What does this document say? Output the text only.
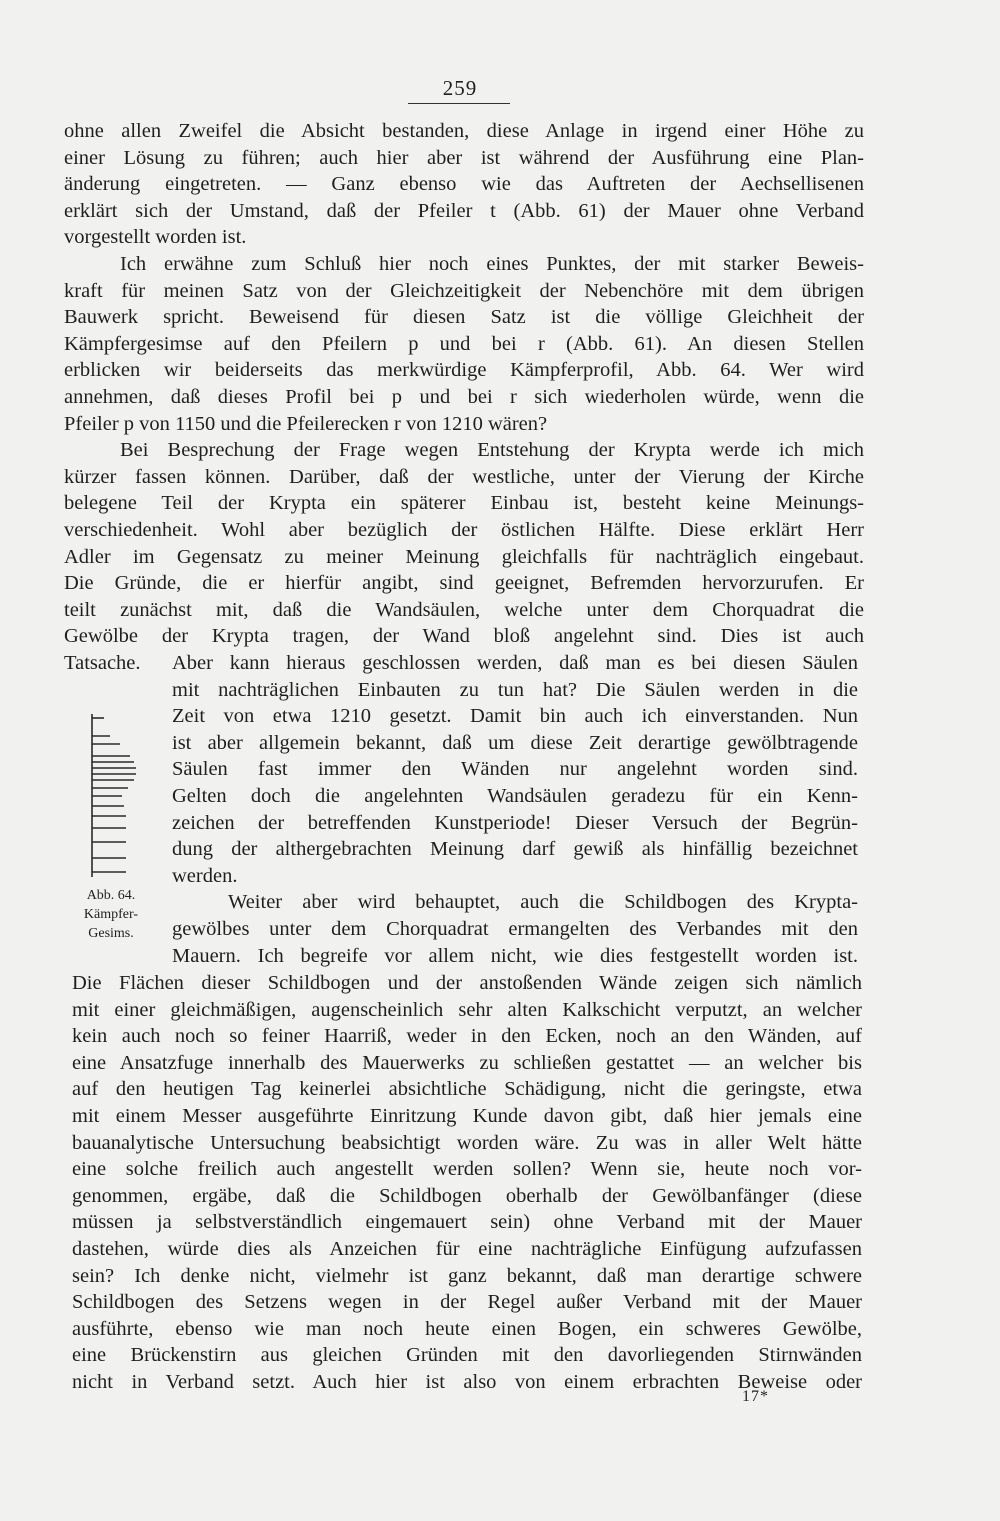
259
ohne allen Zweifel die Absicht bestanden, diese Anlage in irgend einer Höhe zu
einer Lösung zu führen; auch hier aber ist während der Ausführung eine Plan-
änderung eingetreten. — Ganz ebenso wie das Auftreten der Aechsellisenen
erklärt sich der Umstand, daß der Pfeiler t (Abb. 61) der Mauer ohne Verband
vorgestellt worden ist.
Ich erwähne zum Schluß hier noch eines Punktes, der mit starker Beweis-
kraft für meinen Satz von der Gleichzeitigkeit der Nebenchöre mit dem übrigen
Bauwerk spricht. Beweisend für diesen Satz ist die völlige Gleichheit der
Kämpfergesimse auf den Pfeilern p und bei r (Abb. 61). An diesen Stellen
erblicken wir beiderseits das merkwürdige Kämpferprofil, Abb. 64. Wer wird
annehmen, daß dieses Profil bei p und bei r sich wiederholen würde, wenn die
Pfeiler p von 1150 und die Pfeilerecken r von 1210 wären?
Bei Besprechung der Frage wegen Entstehung der Krypta werde ich mich
kürzer fassen können. Darüber, daß der westliche, unter der Vierung der Kirche
belegene Teil der Krypta ein späterer Einbau ist, besteht keine Meinungs-
verschiedenheit. Wohl aber bezüglich der östlichen Hälfte. Diese erklärt Herr
Adler im Gegensatz zu meiner Meinung gleichfalls für nachträglich eingebaut.
Die Gründe, die er hierfür angibt, sind geeignet, Befremden hervorzurufen. Er
teilt zunächst mit, daß die Wandsäulen, welche unter dem Chorquadrat die
Gewölbe der Krypta tragen, der Wand bloß angelehnt sind. Dies ist auch
Tatsache.	Aber kann hieraus geschlossen werden, daß man es bei diesen Säulen
mit nachträglichen Einbauten zu tun hat? Die Säulen werden in die
Zeit von etwa 1210 gesetzt. Damit bin auch ich einverstanden. Nun
ist aber allgemein bekannt, daß um diese Zeit derartige gewölbtragende
Säulen fast immer den Wänden nur angelehnt worden sind.
Gelten doch die angelehnten Wandsäulen geradezu für ein Kenn-
zeichen der betreffenden Kunstperiode! Dieser Versuch der Begrün-
dung der althergebrachten Meinung darf gewiß als hinfällig bezeichnet
werden.
Weiter aber wird behauptet, auch die Schildbogen des Krypta-
gewölbes unter dem Chorquadrat ermangelten des Verbandes mit den
Mauern. Ich begreife vor allem nicht, wie dies festgestellt worden ist.
Abb. 64.
Kämpfer-
Gesims.
Die Flächen dieser Schildbogen und der anstoßenden Wände zeigen sich nämlich
mit einer gleichmäßigen, augenscheinlich sehr alten Kalkschicht verputzt, an welcher
kein auch noch so feiner Haarriß, weder in den Ecken, noch an den Wänden, auf
eine Ansatzfuge innerhalb des Mauerwerks zu schließen gestattet — an welcher bis
auf den heutigen Tag keinerlei absichtliche Schädigung, nicht die geringste, etwa
mit einem Messer ausgeführte Einritzung Kunde davon gibt, daß hier jemals eine
bauanalytische Untersuchung beabsichtigt worden wäre. Zu was in aller Welt hätte
eine solche freilich auch angestellt werden sollen? Wenn sie, heute noch vor-
genommen, ergäbe, daß die Schildbogen oberhalb der Gewölbanfänger (diese
müssen ja selbstverständlich eingemauert sein) ohne Verband mit der Mauer
dastehen, würde dies als Anzeichen für eine nachträgliche Einfügung aufzufassen
sein? Ich denke nicht, vielmehr ist ganz bekannt, daß man derartige schwere
Schildbogen des Setzens wegen in der Regel außer Verband mit der Mauer
ausführte, ebenso wie man noch heute einen Bogen, ein schweres Gewölbe,
eine Brückenstirn aus gleichen Gründen mit den davorliegenden Stirnwänden
nicht in Verband setzt. Auch hier ist also von einem erbrachten Beweise oder
17*
